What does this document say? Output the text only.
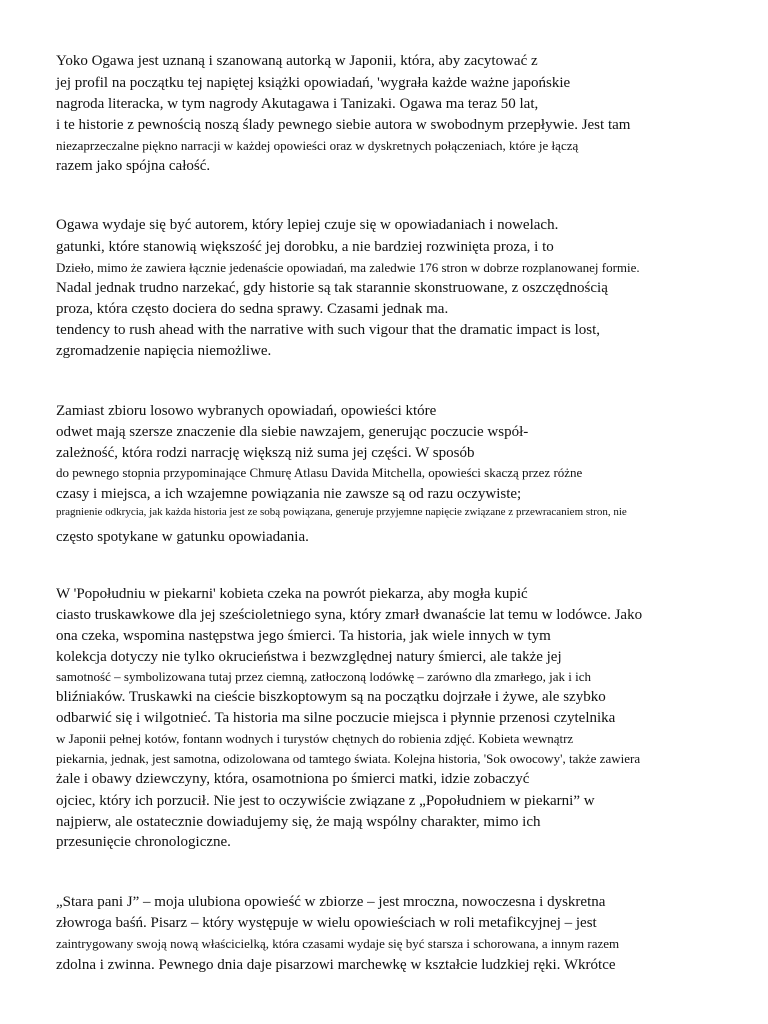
Yoko Ogawa jest uznaną i szanowaną autorką w Japonii, która, aby zacytować z
jej profil na początku tej napiętej książki opowiadań, 'wygrała każde ważne japońskie
nagroda literacka, w tym nagrody Akutagawa i Tanizaki. Ogawa ma teraz 50 lat,
i te historie z pewnością noszą ślady pewnego siebie autora w swobodnym przepływie. Jest tam
niezaprzeczalne piękno narracji w każdej opowieści oraz w dyskretnych połączeniach, które je łączą
razem jako spójna całość.
Ogawa wydaje się być autorem, który lepiej czuje się w opowiadaniach i nowelach.
gatunki, które stanowią większość jej dorobku, a nie bardziej rozwinięta proza, i to
Dzieło, mimo że zawiera łącznie jedenaście opowiadań, ma zaledwie 176 stron w dobrze rozplanowanej formie.
Nadal jednak trudno narzekać, gdy historie są tak starannie skonstruowane, z oszczędnością
proza, która często dociera do sedna sprawy. Czasami jednak ma.
tendency to rush ahead with the narrative with such vigour that the dramatic impact is lost,
zgromadzenie napięcia niemożliwe.
Zamiast zbioru losowo wybranych opowiadań, opowieści które
odwet mają szersze znaczenie dla siebie nawzajem, generując poczucie współ-
zależność, która rodzi narrację większą niż suma jej części. W sposób
do pewnego stopnia przypominające Chmurę Atlasu Davida Mitchella, opowieści skaczą przez różne
czasy i miejsca, a ich wzajemne powiązania nie zawsze są od razu oczywiste;
pragnienie odkrycia, jak każda historia jest ze sobą powiązana, generuje przyjemne napięcie związane z przewracaniem stron, nie
często spotykane w gatunku opowiadania.
W 'Popołudniu w piekarni' kobieta czeka na powrót piekarza, aby mogła kupić
ciasto truskawkowe dla jej sześcioletniego syna, który zmarł dwanaście lat temu w lodówce. Jako
ona czeka, wspomina następstwa jego śmierci. Ta historia, jak wiele innych w tym
kolekcja dotyczy nie tylko okrucieństwa i bezwzględnej natury śmierci, ale także jej
samotność – symbolizowana tutaj przez ciemną, zatłoczoną lodówkę – zarówno dla zmarłego, jak i ich
bliźniaków. Truskawki na cieście biszkoptowym są na początku dojrzałe i żywe, ale szybko
odbarwić się i wilgotnieć. Ta historia ma silne poczucie miejsca i płynnie przenosi czytelnika
w Japonii pełnej kotów, fontann wodnych i turystów chętnych do robienia zdjęć. Kobieta wewnątrz
piekarnia, jednak, jest samotna, odizolowana od tamtego świata. Kolejna historia, 'Sok owocowy', także zawiera
żale i obawy dziewczyny, która, osamotniona po śmierci matki, idzie zobaczyć
ojciec, który ich porzucił. Nie jest to oczywiście związane z „Popołudniem w piekarni” w
najpierw, ale ostatecznie dowiadujemy się, że mają wspólny charakter, mimo ich
przesunięcie chronologiczne.
„Stara pani J” – moja ulubiona opowieść w zbiorze – jest mroczna, nowoczesna i dyskretna
złowroga baśń. Pisarz – który występuje w wielu opowieściach w roli metafikcyjnej – jest
zaintrygowany swoją nową właścicielką, która czasami wydaje się być starsza i schorowana, a innym razem
zdolna i zwinna. Pewnego dnia daje pisarzowi marchewkę w kształcie ludzkiej ręki. Wkrótce
